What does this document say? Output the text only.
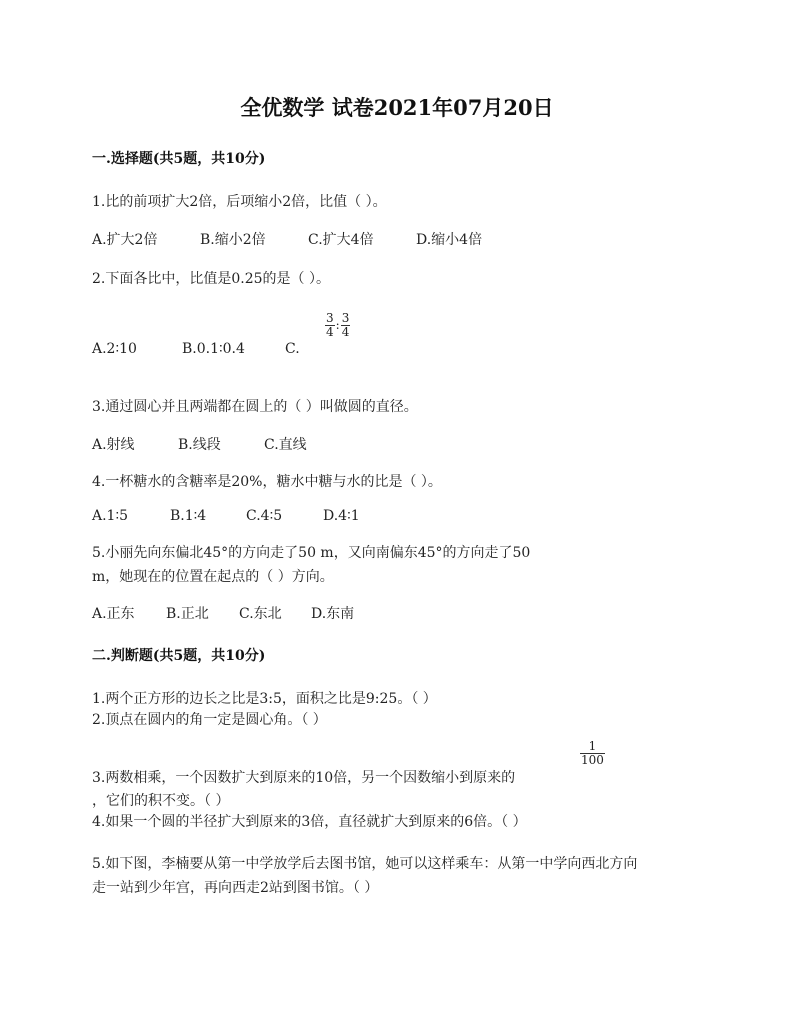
全优数学 试卷2021年07月20日
一.选择题(共5题，共10分)
1.比的前项扩大2倍，后项缩小2倍，比值（ ）。
A.扩大2倍	B.缩小2倍	C.扩大4倍	D.缩小4倍
2.下面各比中，比值是0.25的是（ ）。
A.2∶10	B.0.1∶0.4	C.
$\frac{3}{4}$ : $\frac{3}{4}$
3.通过圆心并且两端都在圆上的（ ）叫做圆的直径。
A.射线	B.线段	C.直线
4.一杯糖水的含糖率是20%，糖水中糖与水的比是（ ）。
A.1∶5	B.1∶4	C.4∶5	D.4∶1
5.小丽先向东偏北45°的方向走了50 m，又向南偏东45°的方向走了50
m，她现在的位置在起点的（ ）方向。
A.正东 B.正北 C.东北 D.东南
二.判断题(共5题，共10分)
1.两个正方形的边长之比是3:5，面积之比是9:25。（ ）
2.顶点在圆内的角一定是圆心角。（ ）
3.两数相乘，一个因数扩大到原来的10倍，另一个因数缩小到原来的
$\frac{1}{100}$
，它们的积不变。（ ）
4.如果一个圆的半径扩大到原来的3倍，直径就扩大到原来的6倍。（ ）
5.如下图，李楠要从第一中学放学后去图书馆，她可以这样乘车：从第一中学向西北方向
走一站到少年宫，再向西走2站到图书馆。（ ）
